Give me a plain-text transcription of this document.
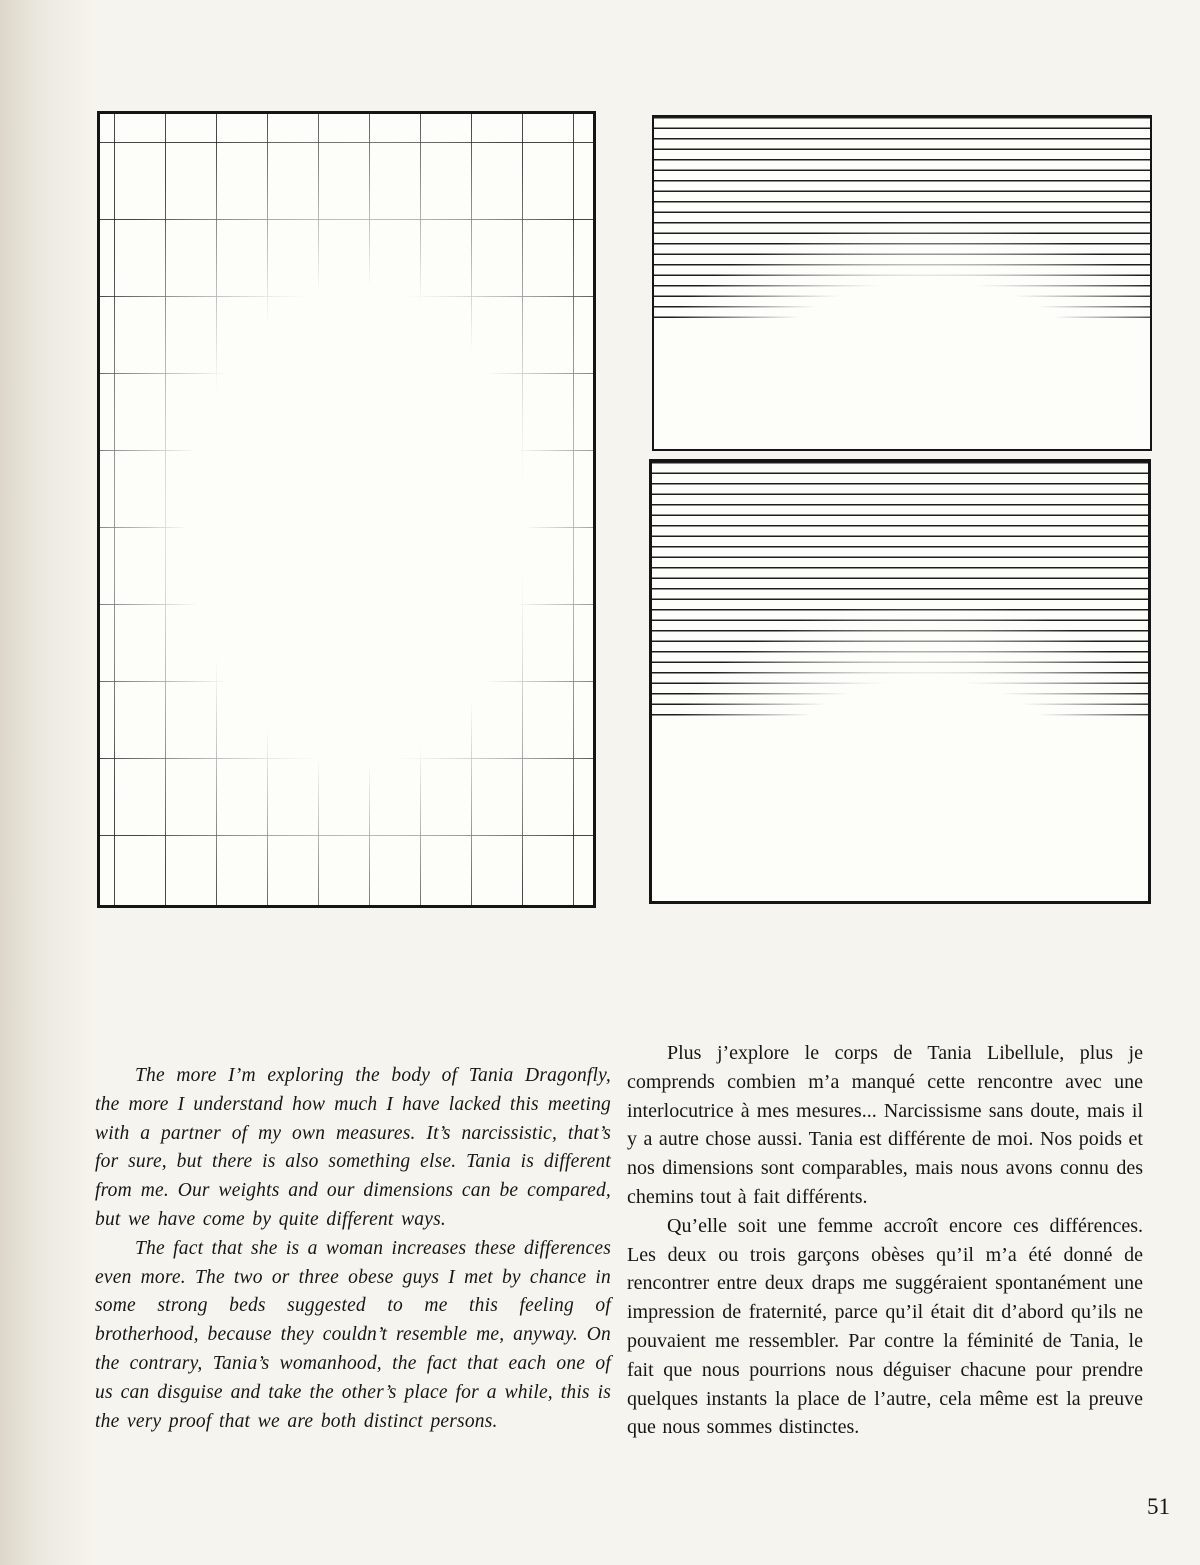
The more I’m exploring the body of Tania Dragonfly, the more I understand how much I have lacked this meeting with a partner of my own measures. It’s narcissistic, that’s for sure, but there is also something else. Tania is different from me. Our weights and our dimensions can be compared, but we have come by quite different ways.

The fact that she is a woman increases these differences even more. The two or three obese guys I met by chance in some strong beds suggested to me this feeling of brotherhood, because they couldn’t resemble me, anyway. On the contrary, Tania’s womanhood, the fact that each one of us can disguise and take the other’s place for a while, this is the very proof that we are both distinct persons.

Plus j’explore le corps de Tania Libellule, plus je comprends combien m’a manqué cette rencontre avec une interlocutrice à mes mesures... Narcissisme sans doute, mais il y a autre chose aussi. Tania est différente de moi. Nos poids et nos dimensions sont comparables, mais nous avons connu des chemins tout à fait différents.

Qu’elle soit une femme accroît encore ces différences. Les deux ou trois garçons obèses qu’il m’a été donné de rencontrer entre deux draps me suggéraient spontanément une impression de fraternité, parce qu’il était dit d’abord qu’ils ne pouvaient me ressembler. Par contre la féminité de Tania, le fait que nous pourrions nous déguiser chacune pour prendre quelques instants la place de l’autre, cela même est la preuve que nous sommes distinctes.

51
